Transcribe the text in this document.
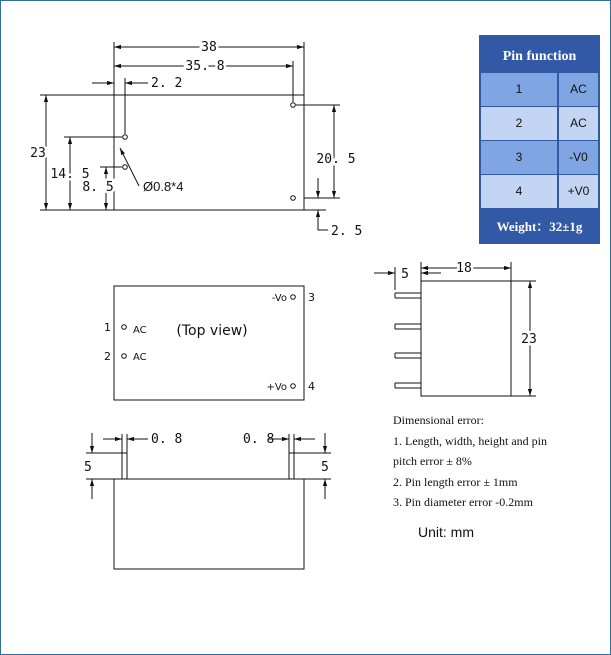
38
35. 8
2. 2
23
14. 5
8. 5
20. 5
2. 5
Ø0.8*4
(Top view)
1 AC
2 AC
3
-Vo
4
+Vo
5	18
23
0. 8	0. 8
5	5
Pin function
1	AC
2	AC
3	-V0
4	+V0
Weight：32±1g
Dimensional error:
1. Length, width, height and pin
pitch error ± 8%
2. Pin length error ± 1mm
3. Pin diameter error -0.2mm
Unit: mm
